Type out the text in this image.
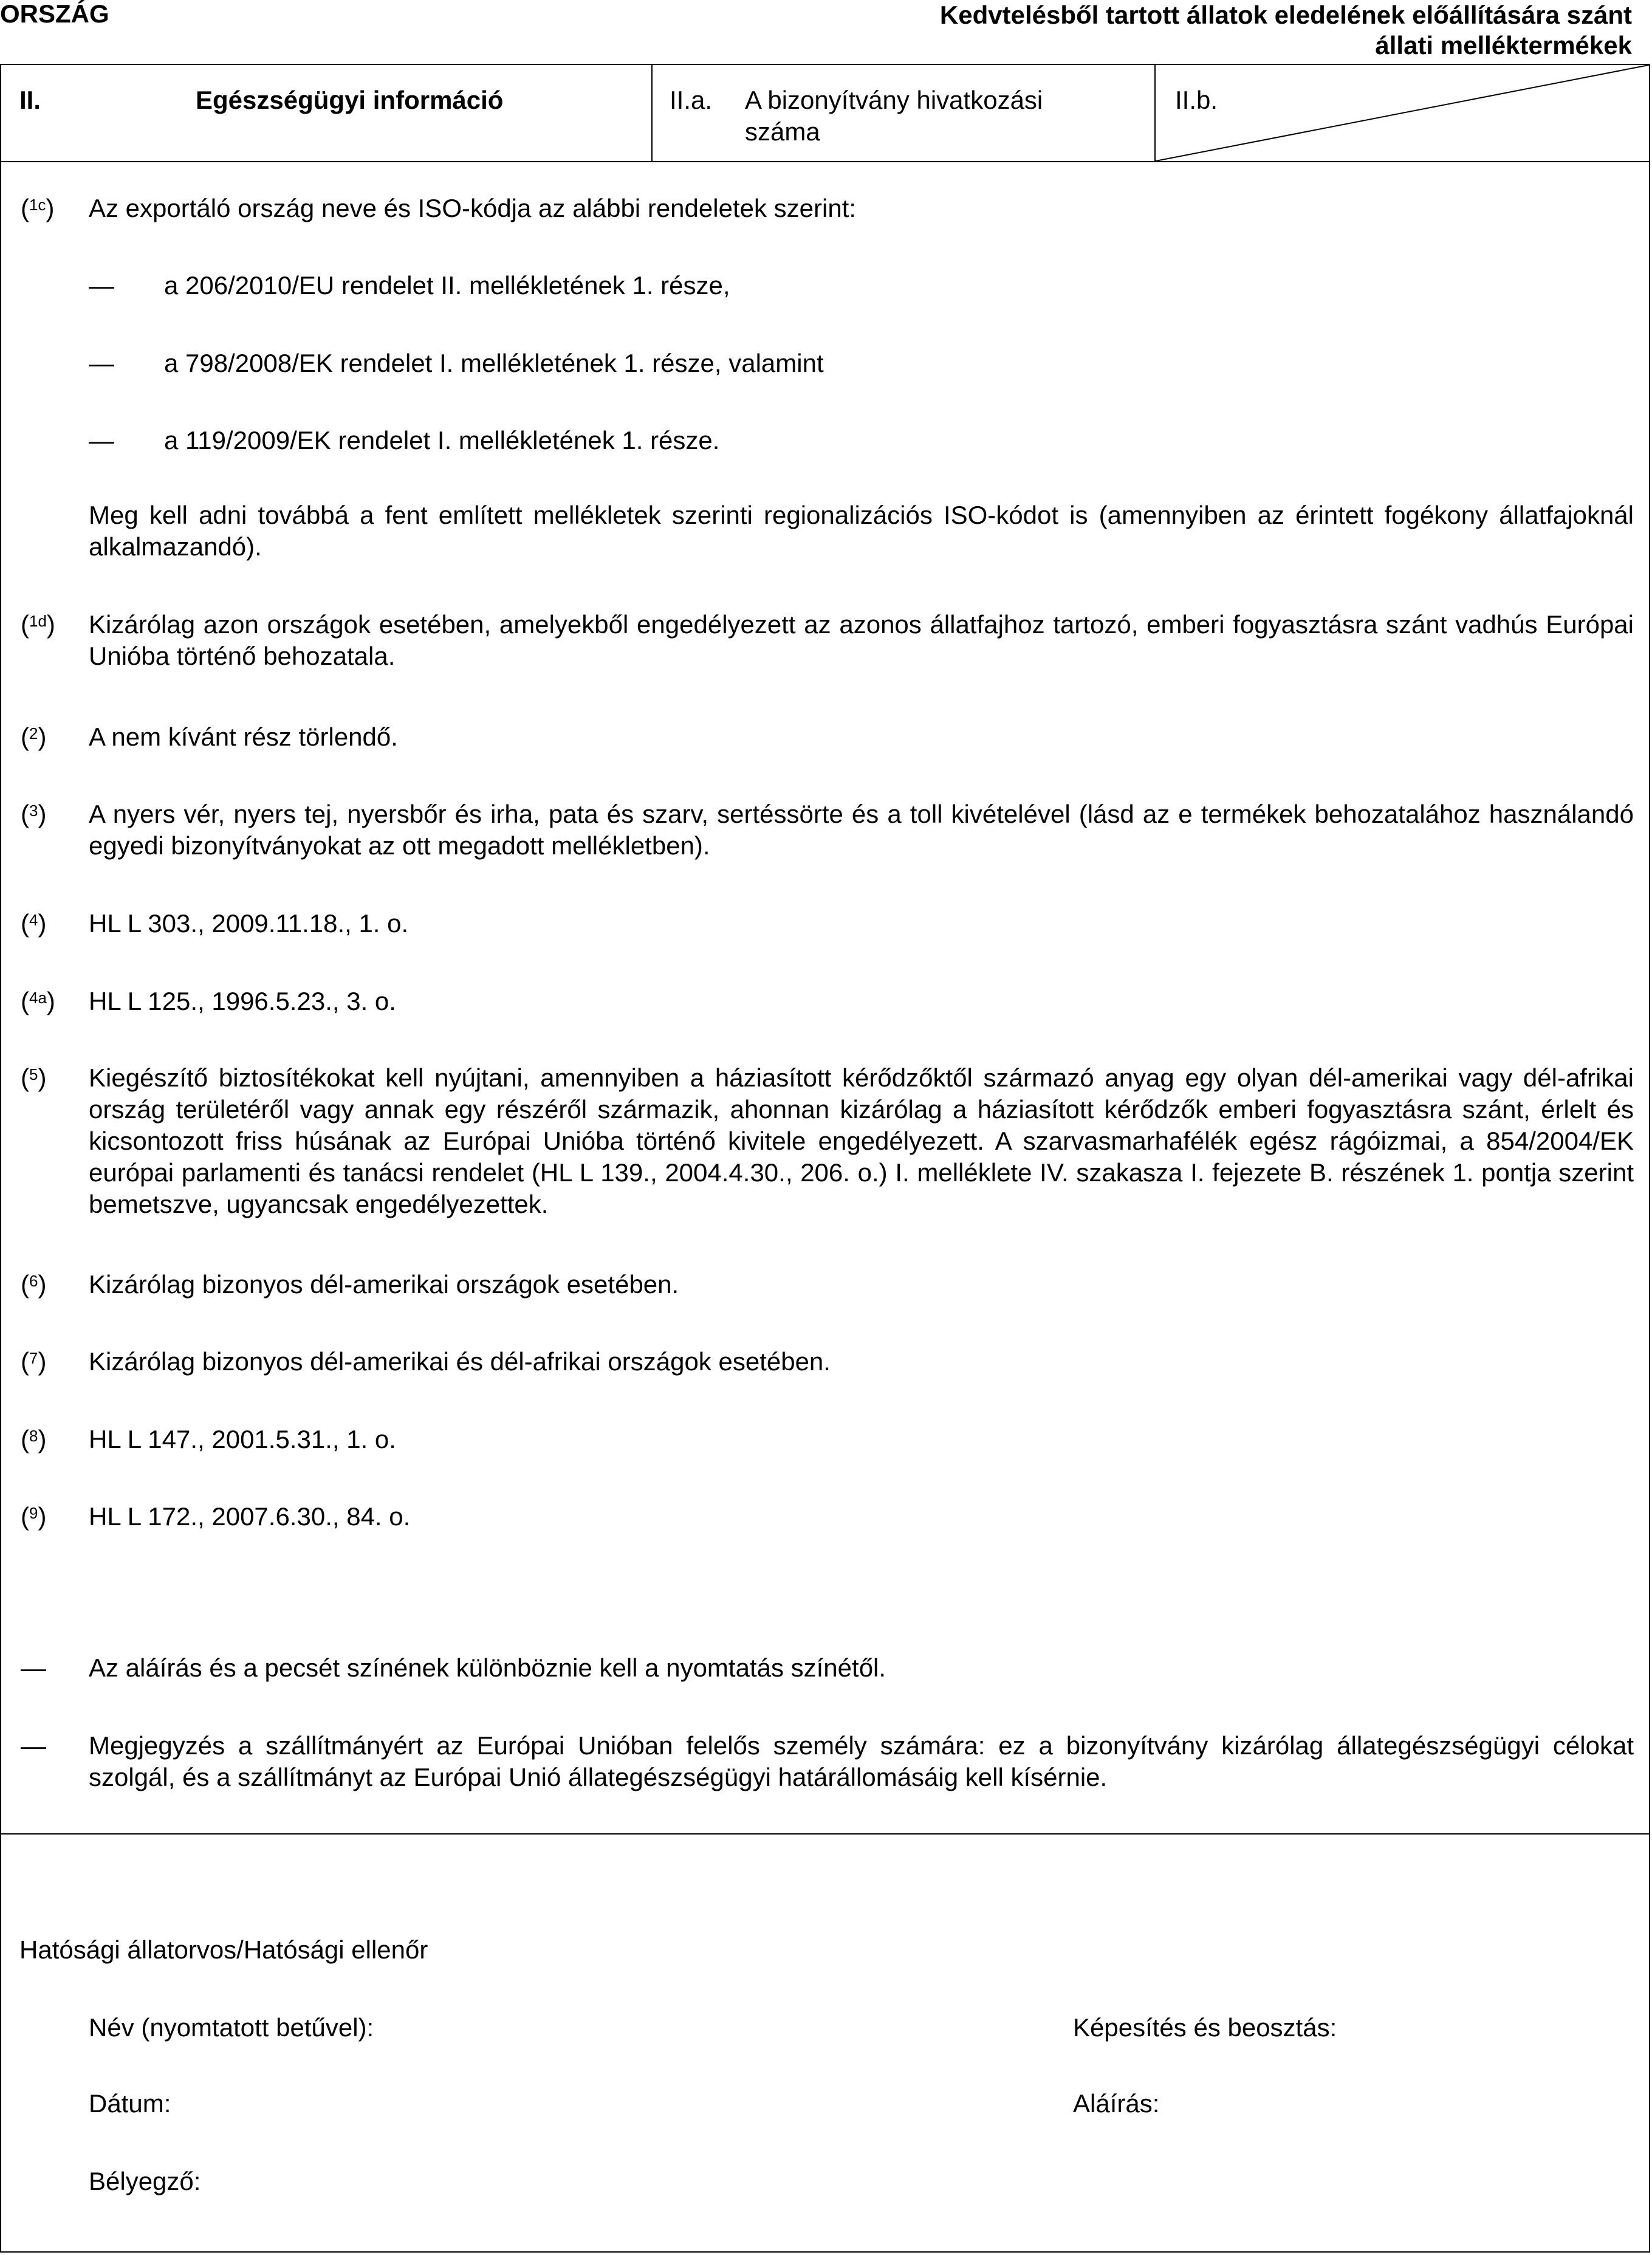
ORSZÁG	Kedvtelésből tartott állatok eledelének előállítására szánt
állati melléktermékek
II.	Egészségügyi információ	II.a. A bizonyítvány hivatkozási
száma
II.b.
($^{1c}$) Az exportáló ország neve és ISO-kódja az alábbi rendeletek szerint:
— a 206/2010/EU rendelet II. mellékletének 1. része,
— a 798/2008/EK rendelet I. mellékletének 1. része, valamint
— a 119/2009/EK rendelet I. mellékletének 1. része.
Meg kell adni továbbá a fent említett mellékletek szerinti regionalizációs ISO-kódot is (amennyiben az érintett fogékony állatfajoknál alkalmazandó).
($^{1d}$) Kizárólag azon országok esetében, amelyekből engedélyezett az azonos állatfajhoz tartozó, emberi fogyasztásra szánt vadhús Európai Unióba történő behozatala.
($^2$) A nem kívánt rész törlendő.
($^3$) A nyers vér, nyers tej, nyersbőr és irha, pata és szarv, sertéssörte és a toll kivételével (lásd az e termékek behozatalához használandó egyedi bizonyítványokat az ott megadott mellékletben).
($^4$) HL L 303., 2009.11.18., 1. o.
($^{4a}$) HL L 125., 1996.5.23., 3. o.
($^5$) Kiegészítő biztosítékokat kell nyújtani, amennyiben a háziasított kérődzőktől származó anyag egy olyan dél-amerikai vagy dél-afrikai ország területéről vagy annak egy részéről származik, ahonnan kizárólag a háziasított kérődzők emberi fogyasztásra szánt, érlelt és kicsontozott friss húsának az Európai Unióba történő kivitele engedélyezett. A szarvasmarhafélék egész rágóizmai, a 854/2004/EK európai parlamenti és tanácsi rendelet (HL L 139., 2004.4.30., 206. o.) I. melléklete IV. szakasza I. fejezete B. részének 1. pontja szerint bemetszve, ugyancsak engedélyezettek.
($^6$) Kizárólag bizonyos dél-amerikai országok esetében.
($^7$) Kizárólag bizonyos dél-amerikai és dél-afrikai országok esetében.
($^8$) HL L 147., 2001.5.31., 1. o.
($^9$) HL L 172., 2007.6.30., 84. o.
— Az aláírás és a pecsét színének különböznie kell a nyomtatás színétől.
— Megjegyzés a szállítmányért az Európai Unióban felelős személy számára: ez a bizonyítvány kizárólag állategészségügyi célokat szolgál, és a szállítmányt az Európai Unió állategészségügyi határállomásáig kell kísérnie.
Hatósági állatorvos/Hatósági ellenőr
Név (nyomtatott betűvel):	Képesítés és beosztás:
Dátum:	Aláírás:
Bélyegző:
